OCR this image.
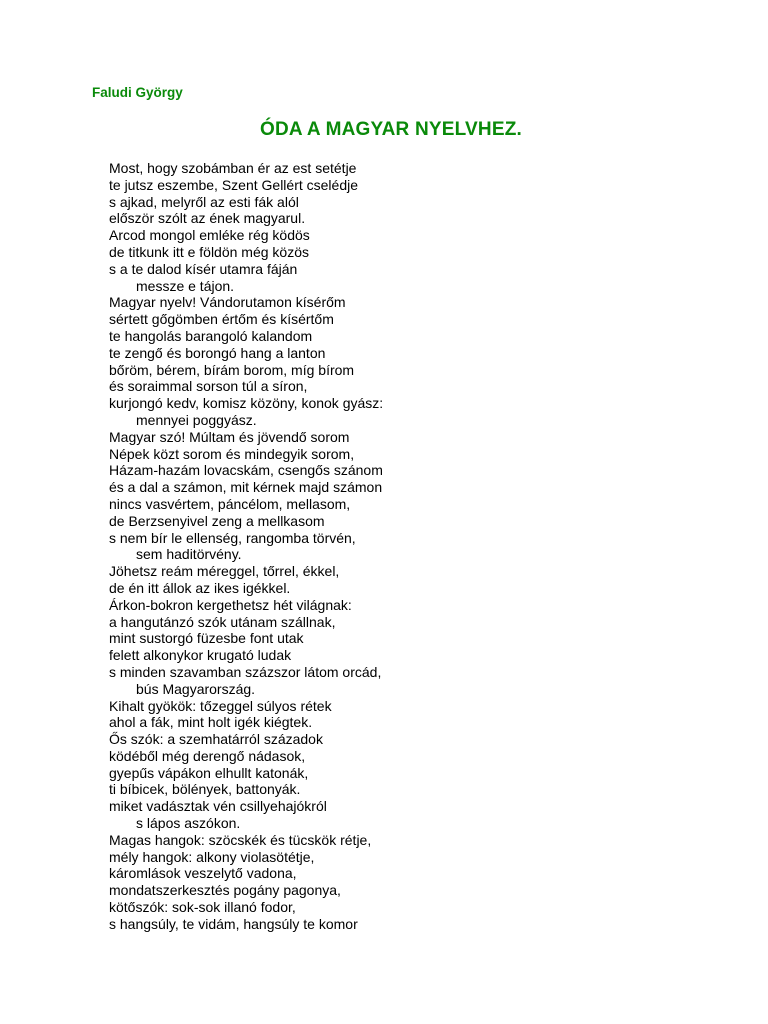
Faludi György
ÓDA A MAGYAR NYELVHEZ.
Most, hogy szobámban ér az est setétje
te jutsz eszembe, Szent Gellért cselédje
s ajkad, melyről az esti fák alól
először szólt az ének magyarul.
Arcod mongol emléke rég ködös
de titkunk itt e földön még közös
s a te dalod kísér utamra fáján
messze e tájon.
Magyar nyelv! Vándorutamon kísérőm
sértett gőgömben értőm és kísértőm
te hangolás barangoló kalandom
te zengő és borongó hang a lanton
bőröm, bérem, bírám borom, míg bírom
és soraimmal sorson túl a síron,
kurjongó kedv, komisz közöny, konok gyász:
mennyei poggyász.
Magyar szó! Múltam és jövendő sorom
Népek közt sorom és mindegyik sorom,
Házam-hazám lovacskám, csengős szánom
és a dal a számon, mit kérnek majd számon
nincs vasvértem, páncélom, mellasom,
de Berzsenyivel zeng a mellkasom
s nem bír le ellenség, rangomba törvén,
sem haditörvény.
Jöhetsz reám méreggel, tőrrel, ékkel,
de én itt állok az ikes igékkel.
Árkon-bokron kergethetsz hét világnak:
a hangutánzó szók utánam szállnak,
mint sustorgó füzesbe font utak
felett alkonykor krugató ludak
s minden szavamban százszor látom orcád,
bús Magyarország.
Kihalt gyökök: tőzeggel súlyos rétek
ahol a fák, mint holt igék kiégtek.
Ős szók: a szemhatárról századok
ködéből még derengő nádasok,
gyepűs vápákon elhullt katonák,
ti bíbicek, bölények, battonyák.
miket vadásztak vén csillyehajókról
s lápos aszókon.
Magas hangok: szöcskék és tücskök rétje,
mély hangok: alkony violasötétje,
káromlások veszelytő vadona,
mondatszerkesztés pogány pagonya,
kötőszók: sok-sok illanó fodor,
s hangsúly, te vidám, hangsúly te komor
